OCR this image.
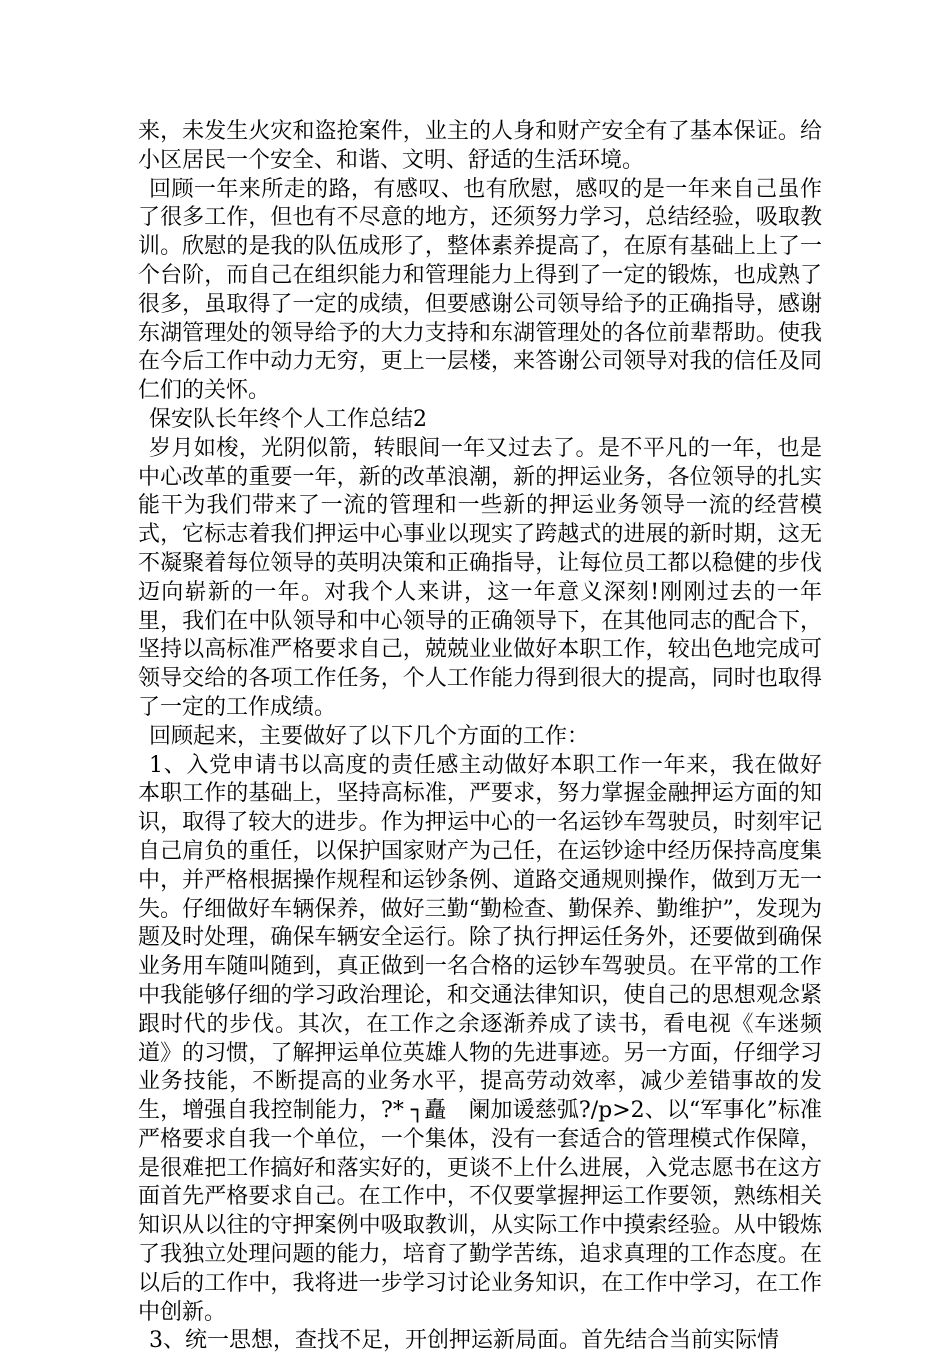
来，未发生火灾和盗抢案件，业主的人身和财产安全有了基本保证。给小区居民一个安全、和谐、文明、舒适的生活环境。

回顾一年来所走的路，有感叹、也有欣慰，感叹的是一年来自己虽作了很多工作，但也有不尽意的地方，还须努力学习，总结经验，吸取教训。欣慰的是我的队伍成形了，整体素养提高了，在原有基础上上了一个台阶，而自己在组织能力和管理能力上得到了一定的锻炼，也成熟了很多，虽取得了一定的成绩，但要感谢公司领导给予的正确指导，感谢东湖管理处的领导给予的大力支持和东湖管理处的各位前辈帮助。使我在今后工作中动力无穷，更上一层楼，来答谢公司领导对我的信任及同仁们的关怀。

保安队长年终个人工作总结2

岁月如梭，光阴似箭，转眼间一年又过去了。是不平凡的一年，也是中心改革的重要一年，新的改革浪潮，新的押运业务，各位领导的扎实能干为我们带来了一流的管理和一些新的押运业务领导一流的经营模式，它标志着我们押运中心事业以现实了跨越式的进展的新时期，这无不凝聚着每位领导的英明决策和正确指导，让每位员工都以稳健的步伐迈向崭新的一年。对我个人来讲，这一年意义深刻!刚刚过去的一年里，我们在中队领导和中心领导的正确领导下，在其他同志的配合下，坚持以高标准严格要求自己，兢兢业业做好本职工作，较出色地完成可领导交给的各项工作任务，个人工作能力得到很大的提高，同时也取得了一定的工作成绩。

回顾起来，主要做好了以下几个方面的工作：

1、入党申请书以高度的责任感主动做好本职工作一年来，我在做好本职工作的基础上，坚持高标准，严要求，努力掌握金融押运方面的知识，取得了较大的进步。作为押运中心的一名运钞车驾驶员，时刻牢记自己肩负的重任，以保护国家财产为己任，在运钞途中经历保持高度集中，并严格根据操作规程和运钞条例、道路交通规则操作，做到万无一失。仔细做好车辆保养，做好三勤“勤检查、勤保养、勤维护”，发现为题及时处理，确保车辆安全运行。除了执行押运任务外，还要做到确保业务用车随叫随到，真正做到一名合格的运钞车驾驶员。在平常的工作中我能够仔细的学习政治理论，和交通法律知识，使自己的思想观念紧跟时代的步伐。其次，在工作之余逐渐养成了读书，看电视《车迷频道》的习惯，了解押运单位英雄人物的先进事迹。另一方面，仔细学习业务技能，不断提高的业务水平，提高劳动效率，减少差错事故的发生，增强自我控制能力，?* ┐矗　阑加谖慈弧?/p>2、以“军事化”标准严格要求自我一个单位，一个集体，没有一套适合的管理模式作保障，是很难把工作搞好和落实好的，更谈不上什么进展，入党志愿书在这方面首先严格要求自己。在工作中，不仅要掌握押运工作要领，熟练相关知识从以往的守押案例中吸取教训，从实际工作中摸索经验。从中锻炼了我独立处理问题的能力，培育了勤学苦练，追求真理的工作态度。在以后的工作中，我将进一步学习讨论业务知识，在工作中学习，在工作中创新。

3、统一思想，查找不足，开创押运新局面。首先结合当前实际情
